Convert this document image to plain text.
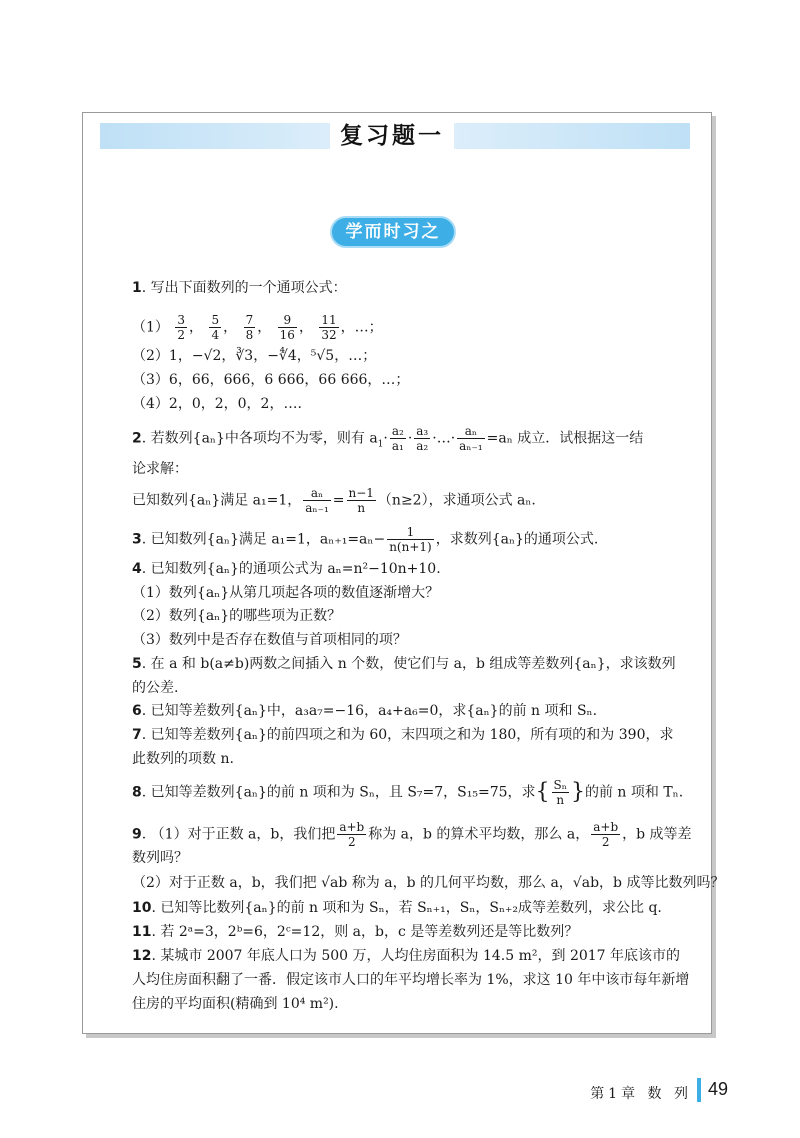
复习题一
学而时习之
1. 写出下面数列的一个通项公式：
$(1) \frac{3}{2}$ ， $\frac{5}{4}$ ， $\frac{7}{8}$ ， $\frac{9}{16}$ ， $\frac{11}{32}$ ，…；
（2）1，−√2，∛3，−∜4，⁵√5，…；
（3）6，66，666，6 666，66 666，…；
（4）2，0，2，0，2，….
2. 若数列{aₙ}中各项均不为零，则有 $a_1\cdot \frac{\text{a₂}}{\text{a₁}} \cdot \frac{\text{a₃}}{\text{a₂}}$ ·…· $\frac{\text{aₙ}}{\text{aₙ₋₁}} =a_n$ 成立．试根据这一结
论求解：
已知数列{aₙ}满足 a₁=1， $\frac{\text{aₙ}}{\text{aₙ₋₁}} = \frac{n-1}{n} (n\ge 2)$，求通项公式 aₙ.
3. 已知数列{aₙ}满足 a₁=1，$a_{n+1}=a_n- \frac{1}{n(n+1)}$ ，求数列{aₙ}的通项公式.
4. 已知数列{aₙ}的通项公式为 aₙ=n²−10n+10.
（1）数列{aₙ}从第几项起各项的数值逐渐增大？
（2）数列{aₙ}的哪些项为正数？
（3）数列中是否存在数值与首项相同的项？
5. 在 a 和 b(a≠b)两数之间插入 n 个数，使它们与 a，b 组成等差数列{aₙ}，求该数列
的公差.
6. 已知等差数列{aₙ}中，a₃a₇=−16，a₄+a₆=0，求{aₙ}的前 n 项和 Sₙ.
7. 已知等差数列{aₙ}的前四项之和为 60，末四项之和为 180，所有项的和为 390，求
此数列的项数 n.
8. 已知等差数列{aₙ}的前 n 项和为 Sₙ，且 S₇=7，S₁₅=75，求{ $\frac{\text{Sₙ}}{n}$ }的前 n 项和 Tₙ.
9. （1）对于正数 a，b，我们把 $\frac{a+b}{2}$ 称为 a，b 的算术平均数，那么 a， $\frac{a+b}{2}$ ，b 成等差
数列吗？
（2）对于正数 a，b，我们把 √ab 称为 a，b 的几何平均数，那么 a，√ab，b 成等比数列吗？
10. 已知等比数列{aₙ}的前 n 项和为 Sₙ，若 Sₙ₊₁，Sₙ，Sₙ₊₂成等差数列，求公比 q.
11. 若 2ᵃ=3，2ᵇ=6，2ᶜ=12，则 a，b，c 是等差数列还是等比数列？
12. 某城市 2007 年底人口为 500 万，人均住房面积为 14.5 m²，到 2017 年底该市的
人均住房面积翻了一番．假定该市人口的年平均增长率为 1%，求这 10 年中该市每年新增
住房的平均面积(精确到 10⁴ m²).
第1章 数 列 49
